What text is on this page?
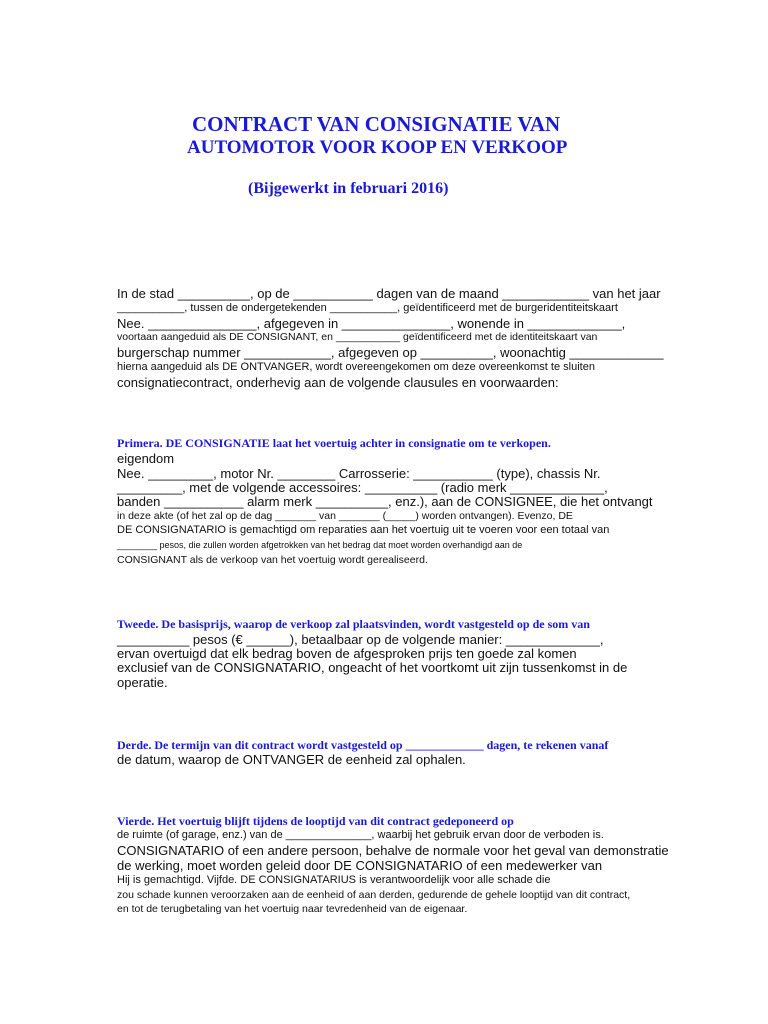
CONTRACT VAN CONSIGNATIE VAN
AUTOMOTOR VOOR KOOP EN VERKOOP
(Bijgewerkt in februari 2016)
In de stad __________, op de ___________ dagen van de maand ____________ van het jaar
___________, tussen de ondergetekenden ___________, geïdentificeerd met de burgeridentiteitskaart
Nee. _______________, afgegeven in _______________, wonende in _____________,
voortaan aangeduid als DE CONSIGNANT, en ___________ geïdentificeerd met de identiteitskaart van
burgerschap nummer ____________, afgegeven op __________, woonachtig _____________
hierna aangeduid als DE ONTVANGER, wordt overeengekomen om deze overeenkomst te sluiten
consignatiecontract, onderhevig aan de volgende clausules en voorwaarden:
Primera. DE CONSIGNATIE laat het voertuig achter in consignatie om te verkopen.
eigendom
Nee. _________, motor Nr. ________ Carrosserie: ___________ (type), chassis Nr.
_________, met de volgende accessoires: __________ (radio merk _____________,
banden ___________ alarm merk __________, enz.), aan de CONSIGNEE, die het ontvangt
in deze akte (of het zal op de dag _______ van _______ (_____) worden ontvangen). Evenzo, DE
DE CONSIGNATARIO is gemachtigd om reparaties aan het voertuig uit te voeren voor een totaal van
________ pesos, die zullen worden afgetrokken van het bedrag dat moet worden overhandigd aan de
CONSIGNANT als de verkoop van het voertuig wordt gerealiseerd.
Tweede. De basisprijs, waarop de verkoop zal plaatsvinden, wordt vastgesteld op de som van
__________ pesos (€ ______), betaalbaar op de volgende manier: _____________,
ervan overtuigd dat elk bedrag boven de afgesproken prijs ten goede zal komen
exclusief van de CONSIGNATARIO, ongeacht of het voortkomt uit zijn tussenkomst in de
operatie.
Derde. De termijn van dit contract wordt vastgesteld op _____________ dagen, te rekenen vanaf
de datum, waarop de ONTVANGER de eenheid zal ophalen.
Vierde. Het voertuig blijft tijdens de looptijd van dit contract gedeponeerd op
de ruimte (of garage, enz.) van de ______________, waarbij het gebruik ervan door de verboden is.
CONSIGNATARIO of een andere persoon, behalve de normale voor het geval van demonstratie
de werking, moet worden geleid door DE CONSIGNATARIO of een medewerker van
Hij is gemachtigd. Vijfde. DE CONSIGNATARIUS is verantwoordelijk voor alle schade die
zou schade kunnen veroorzaken aan de eenheid of aan derden, gedurende de gehele looptijd van dit contract,
en tot de terugbetaling van het voertuig naar tevredenheid van de eigenaar.
